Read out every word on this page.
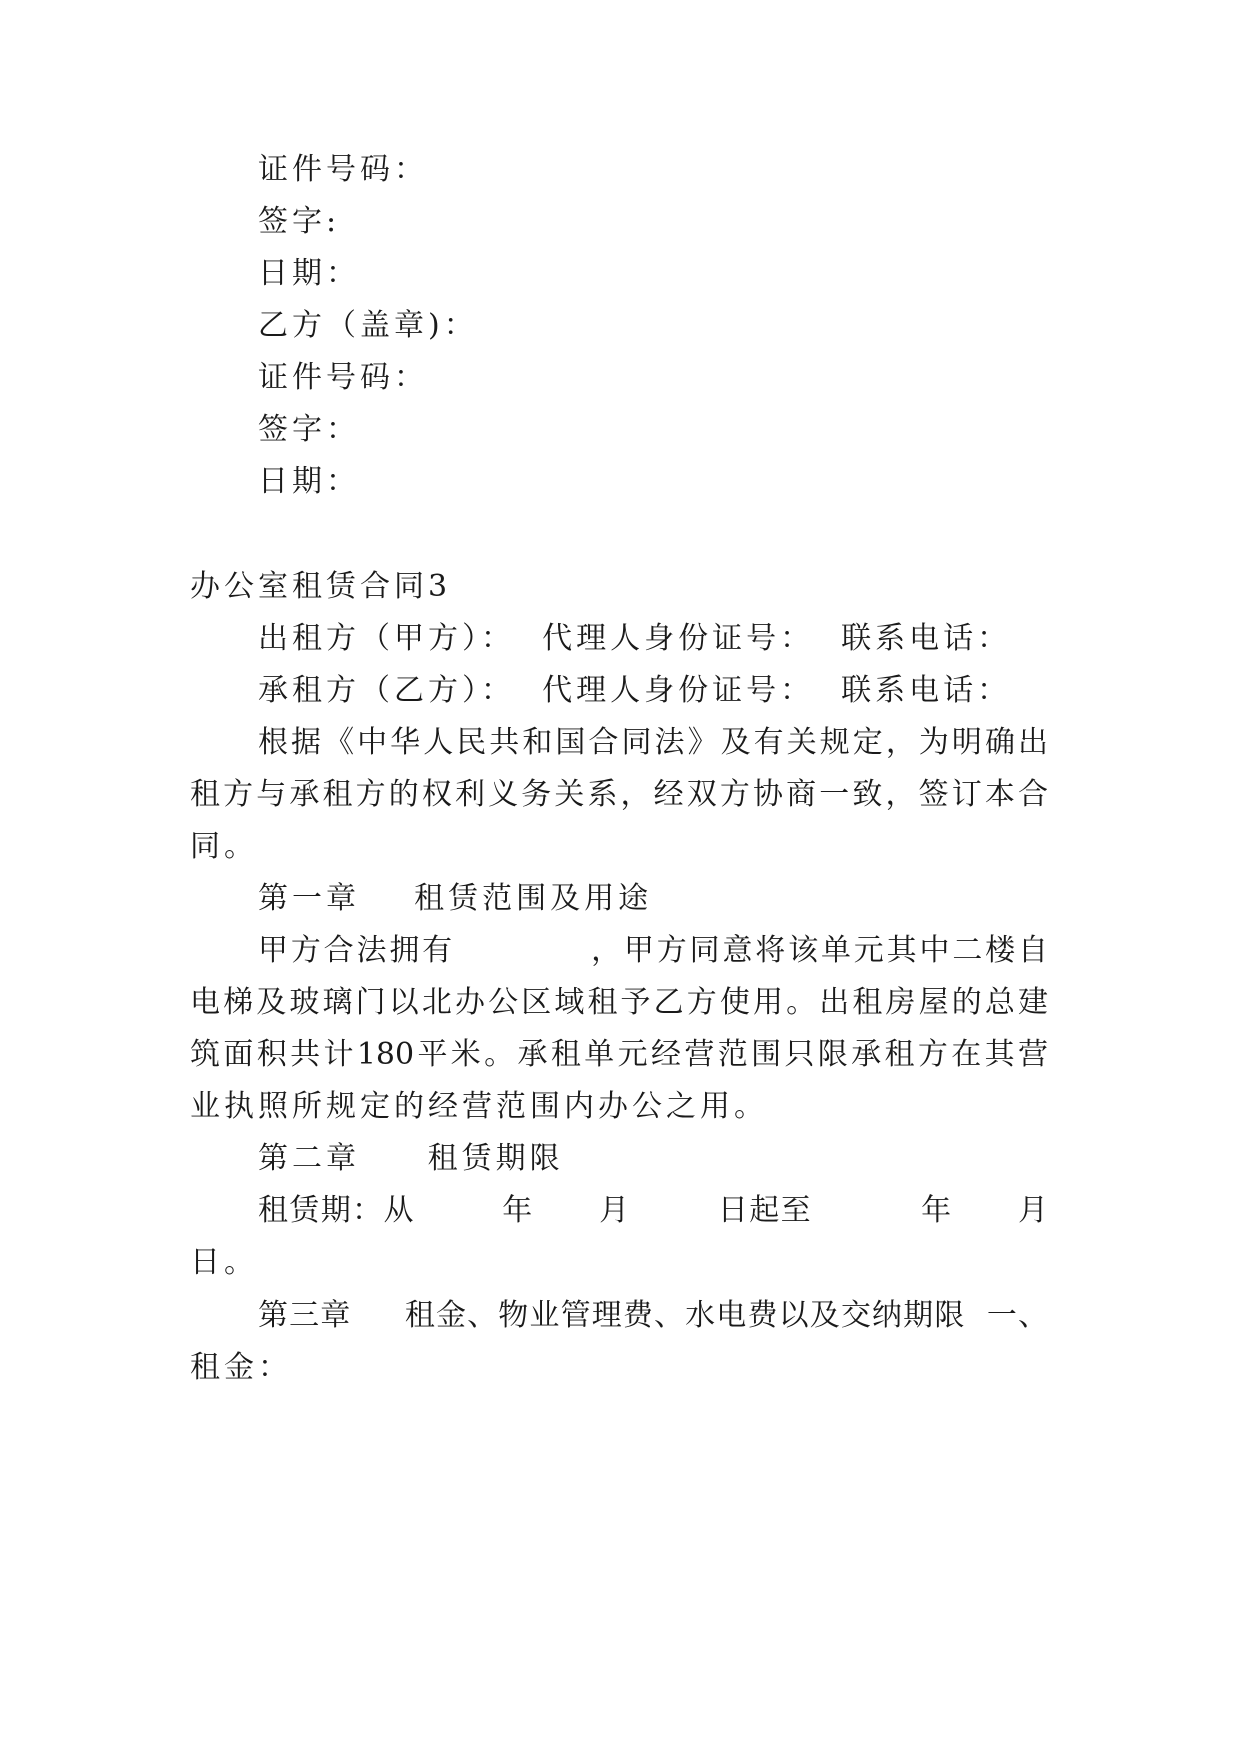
证件号码：

签字:

日期：

乙方（盖章)：

证件号码：

签字：

日期：

办公室租赁合同3

出租方（甲方）：  代理人身份证号：  联系电话：

承租方（乙方）：  代理人身份证号：  联系电话：

根据《中华人民共和国合同法》及有关规定，为明确出

租方与承租方的权利义务关系，经双方协商一致，签订本合

同。

第一章    租赁范围及用途

甲方合法拥有           ，甲方同意将该单元其中二楼自

电梯及玻璃门以北办公区域租予乙方使用。出租房屋的总建

筑面积共计180平米。承租单元经营范围只限承租方在其营

业执照所规定的经营范围内办公之用。

第二章     租赁期限

租赁期：从        年      月        日起至          年      月

日。

第三章     租金、物业管理费、水电费以及交纳期限  一、

租金：
